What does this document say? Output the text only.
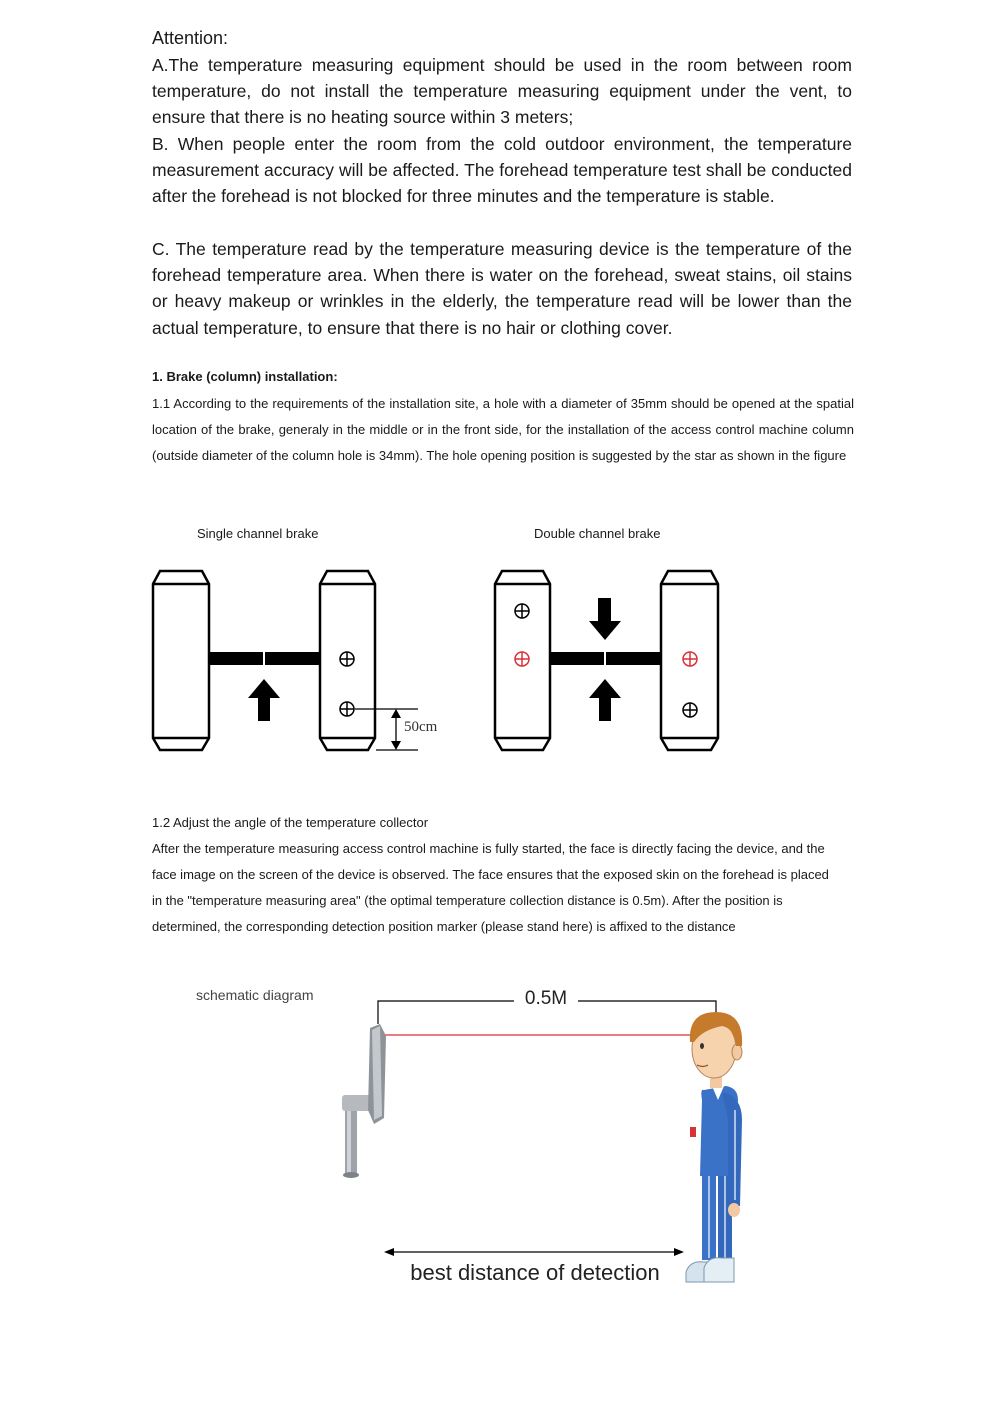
Attention:
A.The temperature measuring equipment should be used in the room between room temperature, do not install the temperature measuring equipment under the vent, to ensure that there is no heating source within 3 meters;
B. When people enter the room from the cold outdoor environment, the temperature measurement accuracy will be affected. The forehead temperature test shall be conducted after the forehead is not blocked for three minutes and the temperature is stable.
C. The temperature read by the temperature measuring device is the temperature of the forehead temperature area. When there is water on the forehead, sweat stains, oil stains or heavy makeup or wrinkles in the elderly, the temperature read will be lower than the actual temperature, to ensure that there is no hair or clothing cover.
1. Brake (column) installation:
1.1 According to the requirements of the installation site, a hole with a diameter of 35mm should be opened at the spatial location of the brake, generaly in the middle or in the front side, for the installation of the access control machine column (outside diameter of the column hole is 34mm). The hole opening position is suggested by the star as shown in the figure
Single channel brake	Double channel brake
50cm
1.2 Adjust the angle of the temperature collector
After the temperature measuring access control machine is fully started, the face is directly facing the device, and the face image on the screen of the device is observed. The face ensures that the exposed skin on the forehead is placed in the "temperature measuring area" (the optimal temperature collection distance is 0.5m). After the position is determined, the corresponding detection position marker (please stand here) is affixed to the distance
schematic diagram	0.5M
best distance of detection
